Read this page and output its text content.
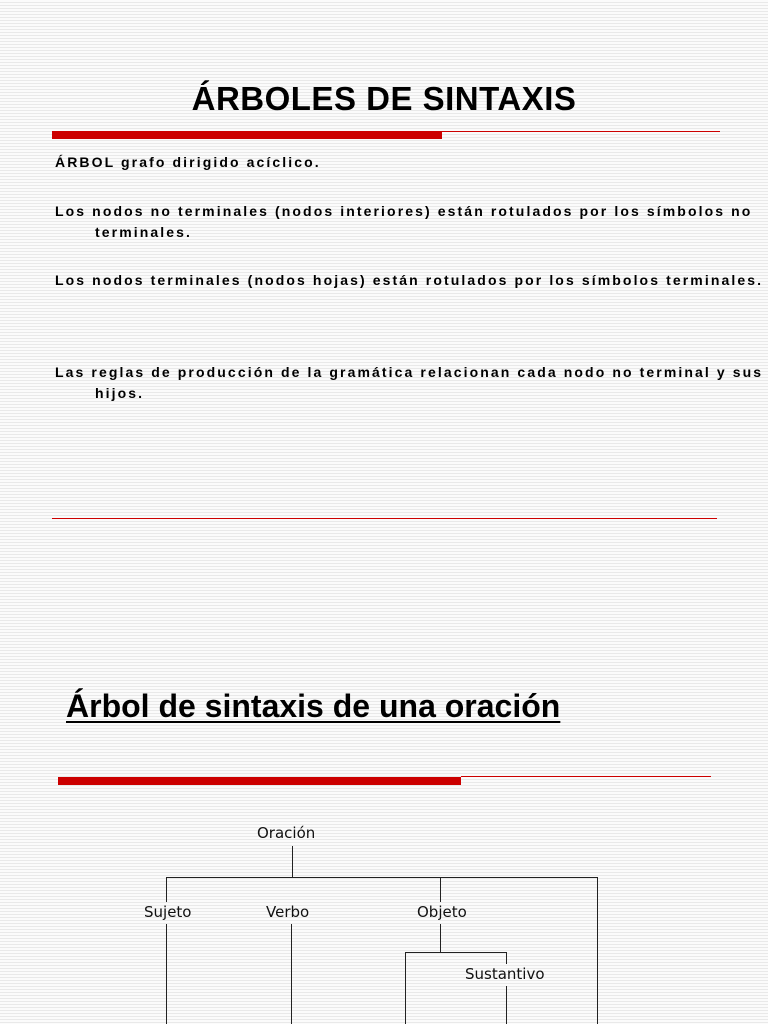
ÁRBOLES DE SINTAXIS

ÁRBOL grafo dirigido acíclico.

Los nodos no terminales (nodos interiores) están rotulados por los símbolos no terminales.

Los nodos terminales (nodos hojas) están rotulados por los símbolos terminales.

Las reglas de producción de la gramática relacionan cada nodo no terminal y sus hijos.

Árbol de sintaxis de una oración
Oración
Sujeto	Verbo	Objeto
Sustantivo
